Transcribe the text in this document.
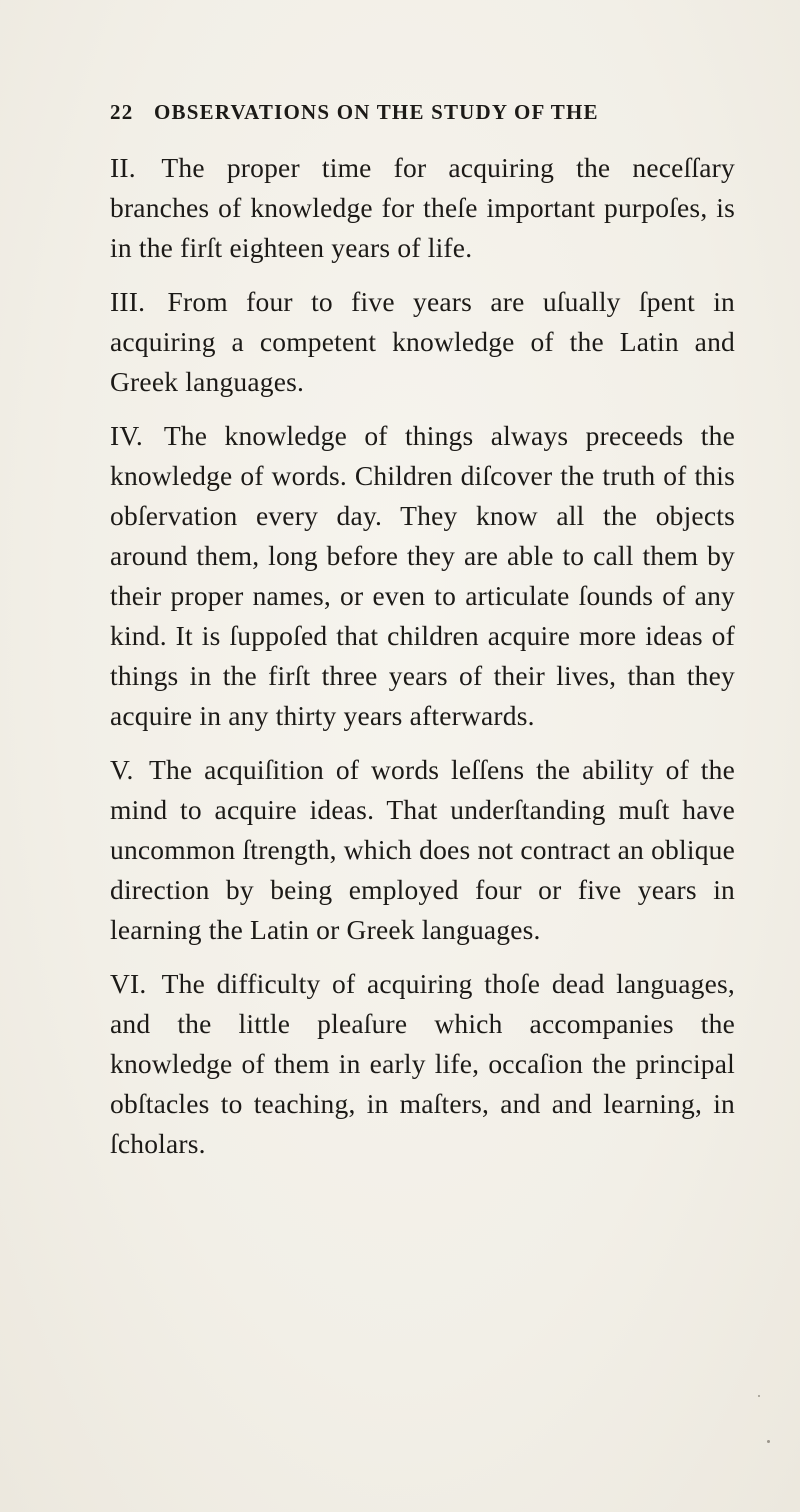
22 OBSERVATIONS ON THE STUDY OF THE

II. The proper time for acquiring the neceſſary branches of knowledge for theſe important purpoſes, is in the firſt eighteen years of life.

III. From four to five years are uſually ſpent in acquiring a competent knowledge of the Latin and Greek languages.

IV. The knowledge of things always preceeds the knowledge of words. Children diſcover the truth of this obſervation every day. They know all the objects around them, long before they are able to call them by their proper names, or even to articulate ſounds of any kind. It is ſuppoſed that children acquire more ideas of things in the firſt three years of their lives, than they acquire in any thirty years afterwards.

V. The acquiſition of words leſſens the ability of the mind to acquire ideas. That underſtanding muſt have uncommon ſtrength, which does not contract an oblique direction by being employed four or five years in learning the Latin or Greek languages.

VI. The difficulty of acquiring thoſe dead languages, and the little pleaſure which accompanies the knowledge of them in early life, occaſion the principal obſtacles to teaching, in maſters, and and learning, in ſcholars.
